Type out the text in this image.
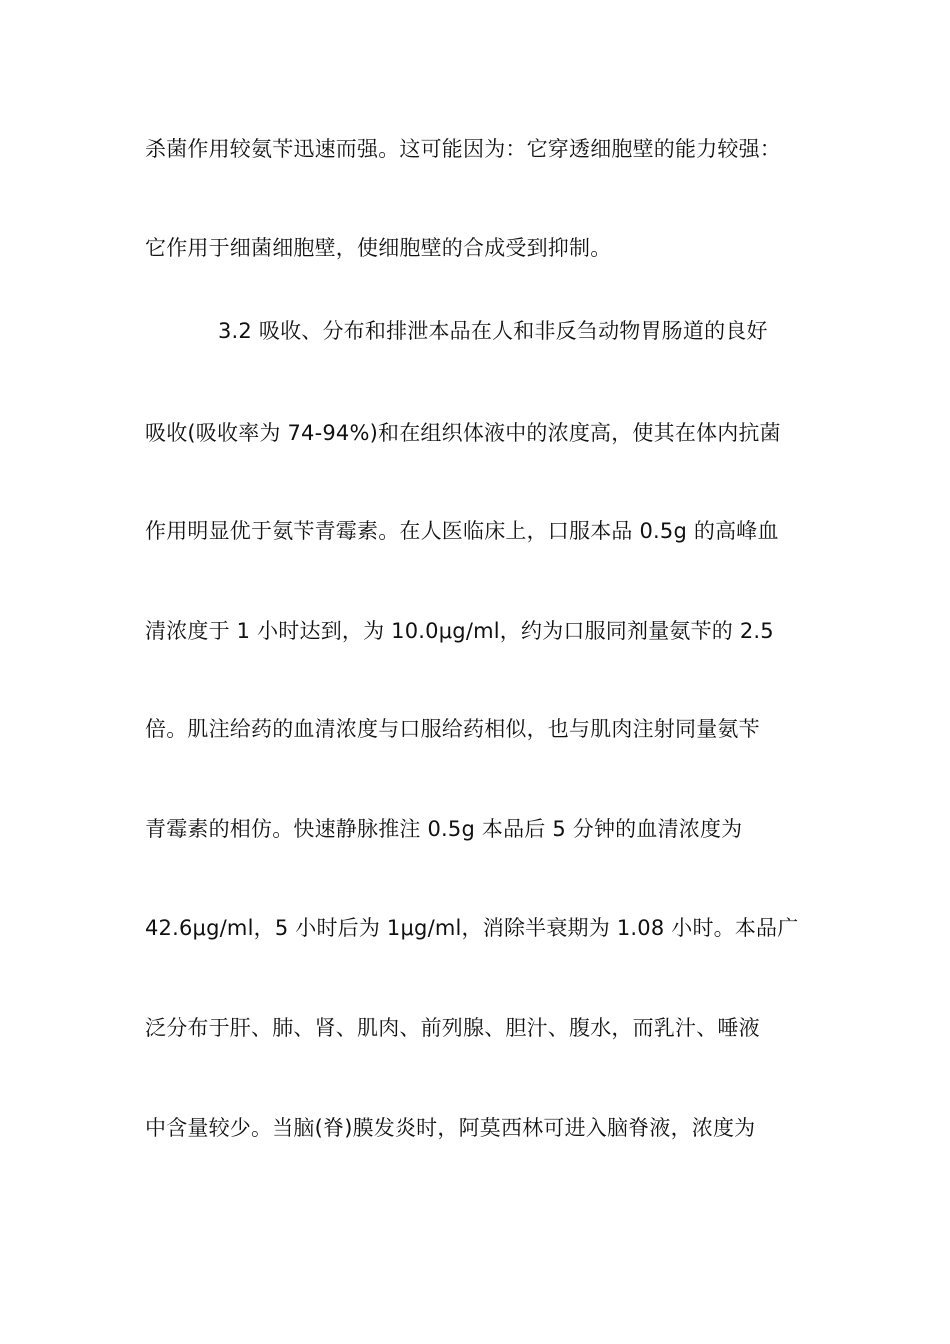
杀菌作用较氨苄迅速而强。这可能因为：它穿透细胞壁的能力较强：
它作用于细菌细胞壁，使细胞壁的合成受到抑制。
3.2 吸收、分布和排泄本品在人和非反刍动物胃肠道的良好
吸收(吸收率为 74-94%)和在组织体液中的浓度高，使其在体内抗菌
作用明显优于氨苄青霉素。在人医临床上，口服本品 0.5g 的高峰血
清浓度于 1 小时达到，为 10.0μg/ml，约为口服同剂量氨苄的 2.5
倍。肌注给药的血清浓度与口服给药相似，也与肌肉注射同量氨苄
青霉素的相仿。快速静脉推注 0.5g 本品后 5 分钟的血清浓度为
42.6μg/ml，5 小时后为 1μg/ml，消除半衰期为 1.08 小时。本品广
泛分布于肝、肺、肾、肌肉、前列腺、胆汁、腹水，而乳汁、唾液
中含量较少。当脑(脊)膜发炎时，阿莫西林可进入脑脊液，浓度为
